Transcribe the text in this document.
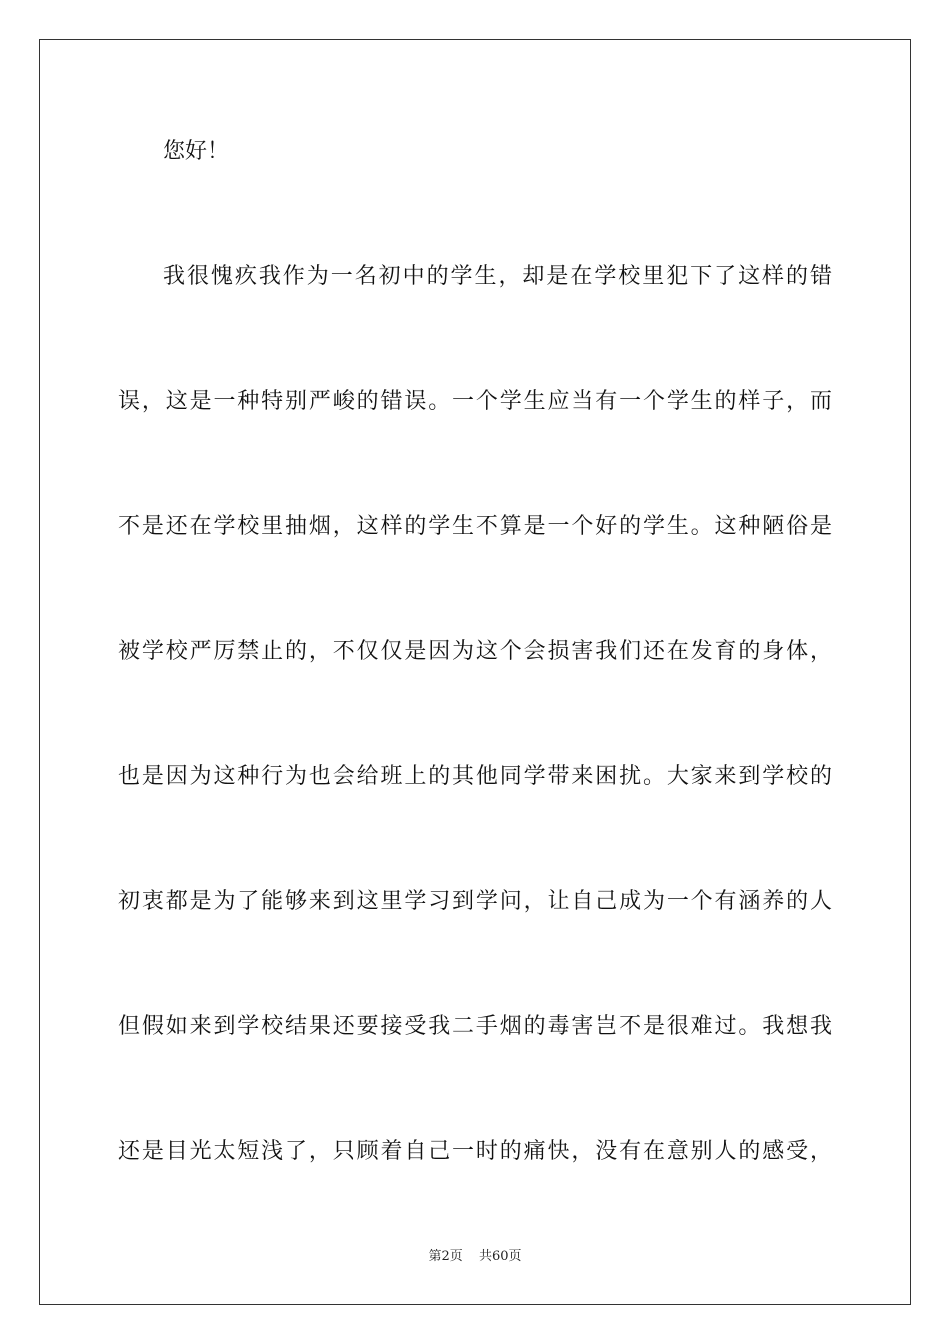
您好！
我很愧疚我作为一名初中的学生，却是在学校里犯下了这样的错
误，这是一种特别严峻的错误。一个学生应当有一个学生的样子，而
不是还在学校里抽烟，这样的学生不算是一个好的学生。这种陋俗是
被学校严厉禁止的，不仅仅是因为这个会损害我们还在发育的身体，
也是因为这种行为也会给班上的其他同学带来困扰。大家来到学校的
初衷都是为了能够来到这里学习到学问，让自己成为一个有涵养的人
但假如来到学校结果还要接受我二手烟的毒害岂不是很难过。我想我
还是目光太短浅了，只顾着自己一时的痛快，没有在意别人的感受，
第2页 共60页
